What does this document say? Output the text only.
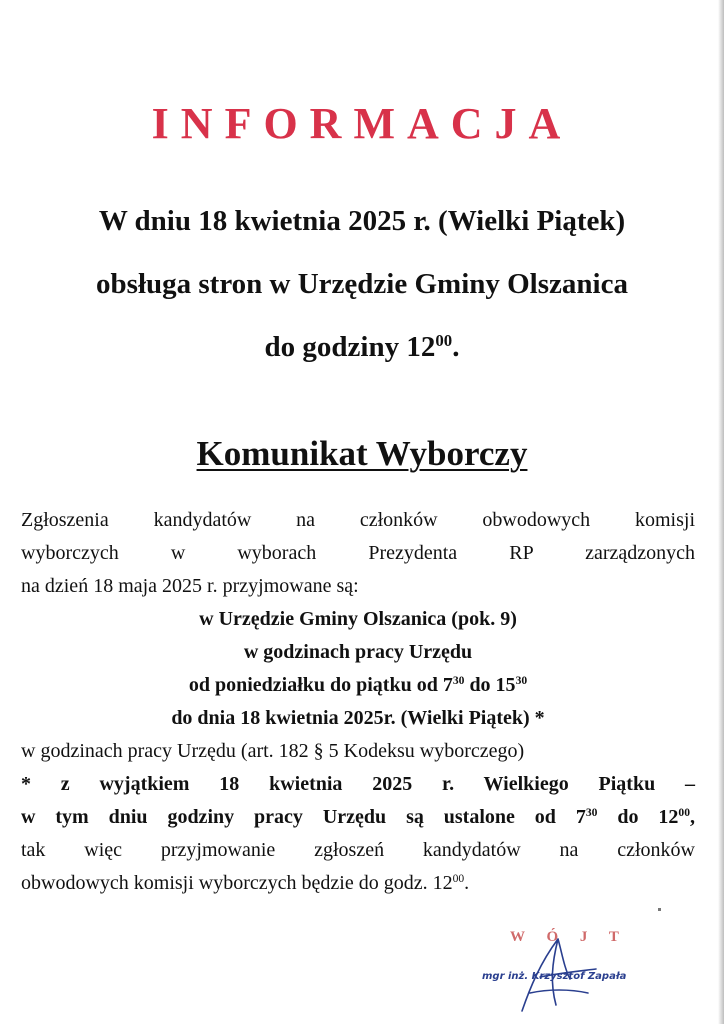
INFORMACJA
W dniu 18 kwietnia 2025 r. (Wielki Piątek)
obsługa stron w Urzędzie Gminy Olszanica
do godziny $12^{00}$.
Komunikat Wyborczy
Zgłoszenia kandydatów na członków obwodowych komisji
wyborczych w wyborach Prezydenta RP zarządzonych
na dzień 18 maja 2025 r. przyjmowane są:
w Urzędzie Gminy Olszanica (pok. 9)
w godzinach pracy Urzędu
od poniedziałku do piątku od $7^{30}$ do $15^{30}$
do dnia 18 kwietnia 2025r. (Wielki Piątek) *
w godzinach pracy Urzędu (art. 182 § 5 Kodeksu wyborczego)
* z wyjątkiem 18 kwietnia 2025 r. Wielkiego Piątku –
w tym dniu godziny pracy Urzędu są ustalone od $7^{30}$ do $12^{00}$,
tak więc przyjmowanie zgłoszeń kandydatów na członków
obwodowych komisji wyborczych będzie do godz. $12^{00}$.
W Ó J T
mgr inż. Krzysztof Zapała
